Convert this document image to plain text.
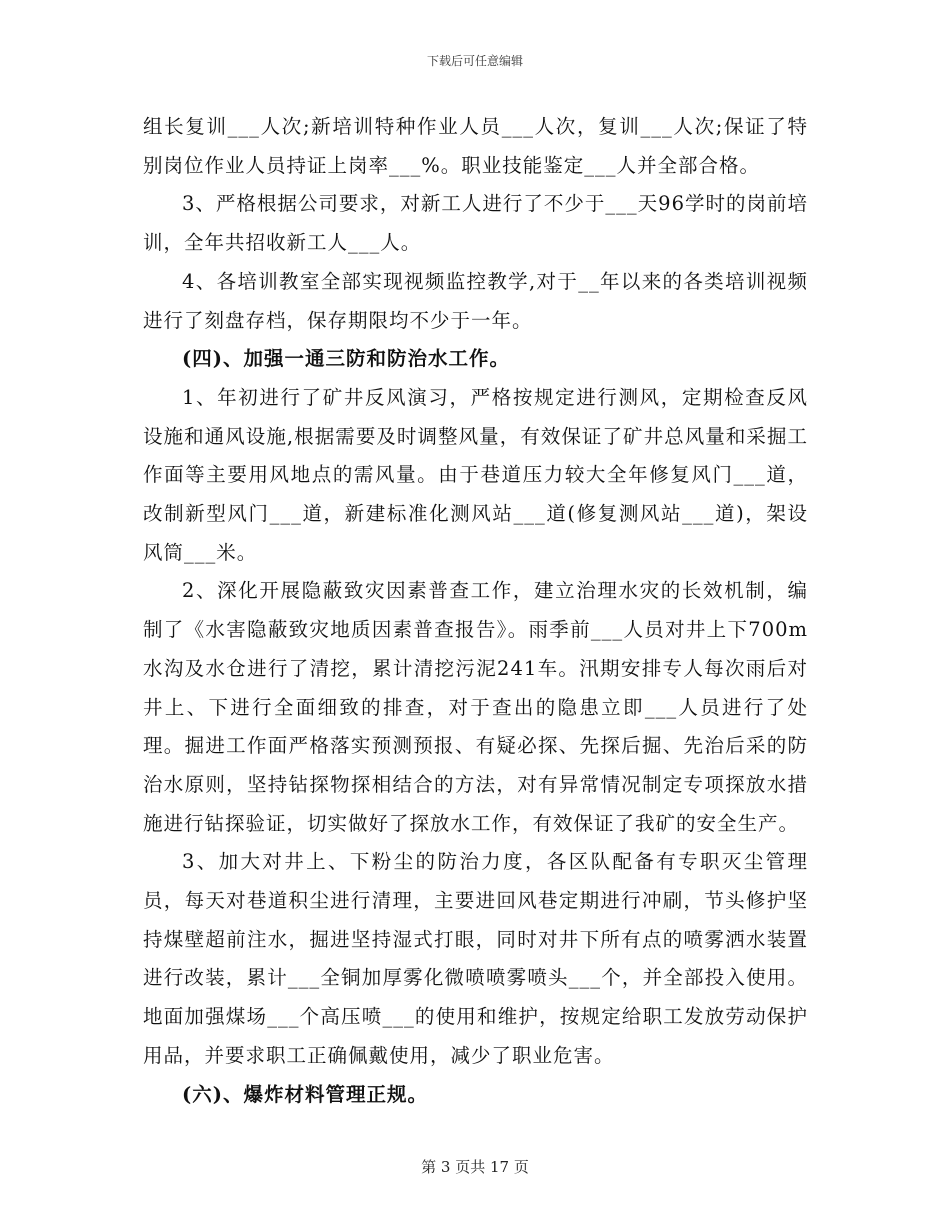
下载后可任意编辑

组长复训___人次;新培训特种作业人员___人次，复训___人次;保证了特别岗位作业人员持证上岗率___%。职业技能鉴定___人并全部合格。

3、严格根据公司要求，对新工人进行了不少于___天96学时的岗前培训，全年共招收新工人___人。

4、各培训教室全部实现视频监控教学,对于__年以来的各类培训视频进行了刻盘存档，保存期限均不少于一年。

(四)、加强一通三防和防治水工作。

1、年初进行了矿井反风演习，严格按规定进行测风，定期检查反风设施和通风设施,根据需要及时调整风量，有效保证了矿井总风量和采掘工作面等主要用风地点的需风量。由于巷道压力较大全年修复风门___道，改制新型风门___道，新建标准化测风站___道(修复测风站___道)，架设风筒___米。

2、深化开展隐蔽致灾因素普查工作，建立治理水灾的长效机制，编制了《水害隐蔽致灾地质因素普查报告》。雨季前___人员对井上下700m水沟及水仓进行了清挖，累计清挖污泥241车。汛期安排专人每次雨后对井上、下进行全面细致的排查，对于查出的隐患立即___人员进行了处理。掘进工作面严格落实预测预报、有疑必探、先探后掘、先治后采的防治水原则，坚持钻探物探相结合的方法，对有异常情况制定专项探放水措施进行钻探验证，切实做好了探放水工作，有效保证了我矿的安全生产。

3、加大对井上、下粉尘的防治力度，各区队配备有专职灭尘管理员，每天对巷道积尘进行清理，主要进回风巷定期进行冲刷，节头修护坚持煤壁超前注水，掘进坚持湿式打眼，同时对井下所有点的喷雾洒水装置进行改装，累计___全铜加厚雾化微喷喷雾喷头___个，并全部投入使用。地面加强煤场___个高压喷___的使用和维护，按规定给职工发放劳动保护用品，并要求职工正确佩戴使用，减少了职业危害。

(六)、爆炸材料管理正规。

第 3 页共 17 页
